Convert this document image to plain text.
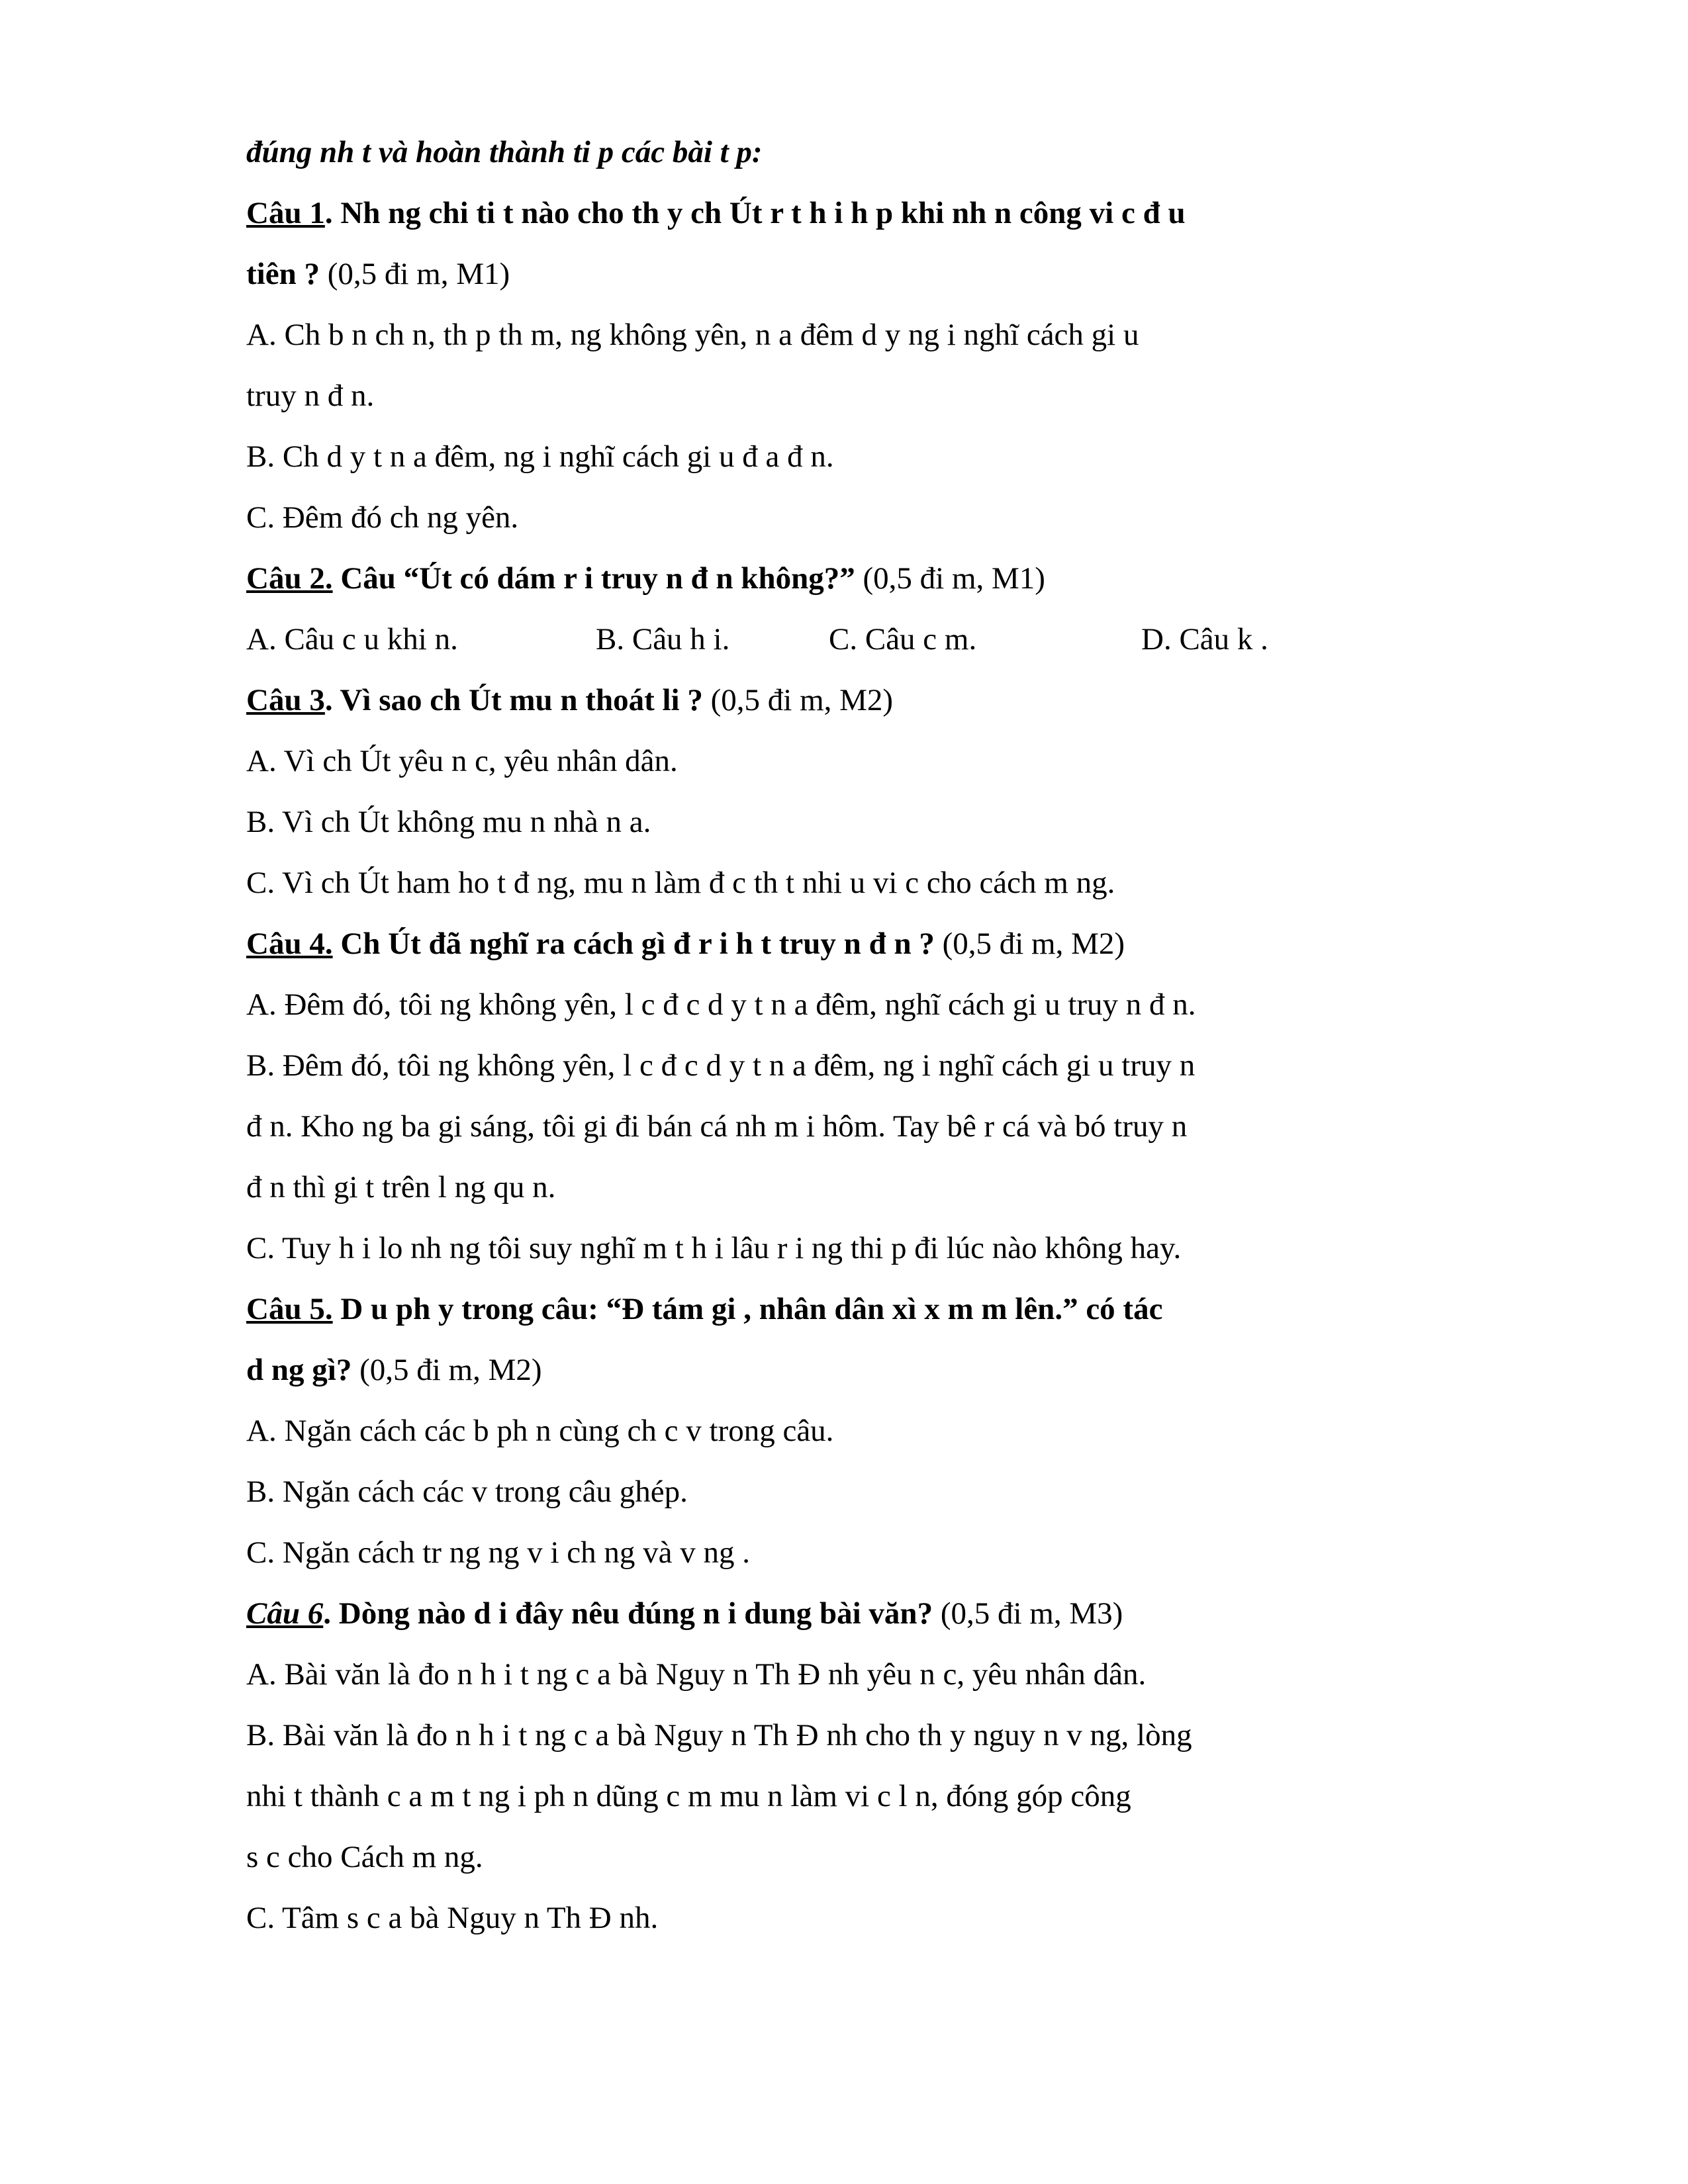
đúng nh t và hoàn thành ti p các bài t p:
Câu 1. Nh ng chi ti t nào cho th y ch Út r t h i h p khi nh n công vi c đ u
tiên ? (0,5 đi m, M1)
A. Ch b n ch n, th p th m, ng không yên, n a đêm d y ng i nghĩ cách gi u
truy n đ n.
B. Ch d y t n a đêm, ng i nghĩ cách gi u đ a đ n.
C. Đêm đó ch ng yên.
Câu 2. Câu “Út có dám r i truy n đ n không?” (0,5 đi m, M1)
A. Câu c u khi n.	B. Câu h i.	C. Câu c m.	D. Câu k .
Câu 3. Vì sao ch Út mu n thoát li ? (0,5 đi m, M2)
A. Vì ch Út yêu n c, yêu nhân dân.
B. Vì ch Út không mu n nhà n a.
C. Vì ch Út ham ho t đ ng, mu n làm đ c th t nhi u vi c cho cách m ng.
Câu 4. Ch Út đã nghĩ ra cách gì đ r i h t truy n đ n ? (0,5 đi m, M2)
A. Đêm đó, tôi ng không yên, l c đ c d y t n a đêm, nghĩ cách gi u truy n đ n.
B. Đêm đó, tôi ng không yên, l c đ c d y t n a đêm, ng i nghĩ cách gi u truy n
đ n. Kho ng ba gi sáng, tôi gi đi bán cá nh m i hôm. Tay bê r cá và bó truy n
đ n thì gi t trên l ng qu n.
C. Tuy h i lo nh ng tôi suy nghĩ m t h i lâu r i ng thi p đi lúc nào không hay.
Câu 5. D u ph y trong câu: “Đ tám gi , nhân dân xì x m m lên.” có tác
d ng gì? (0,5 đi m, M2)
A. Ngăn cách các b ph n cùng ch c v trong câu.
B. Ngăn cách các v trong câu ghép.
C. Ngăn cách tr ng ng v i ch ng và v ng .
Câu 6. Dòng nào d i đây nêu đúng n i dung bài văn? (0,5 đi m, M3)
A. Bài văn là đo n h i t ng c a bà Nguy n Th Đ nh yêu n c, yêu nhân dân.
B. Bài văn là đo n h i t ng c a bà Nguy n Th Đ nh cho th y nguy n v ng, lòng
nhi t thành c a m t ng i ph n dũng c m mu n làm vi c l n, đóng góp công
s c cho Cách m ng.
C. Tâm s c a bà Nguy n Th Đ nh.
